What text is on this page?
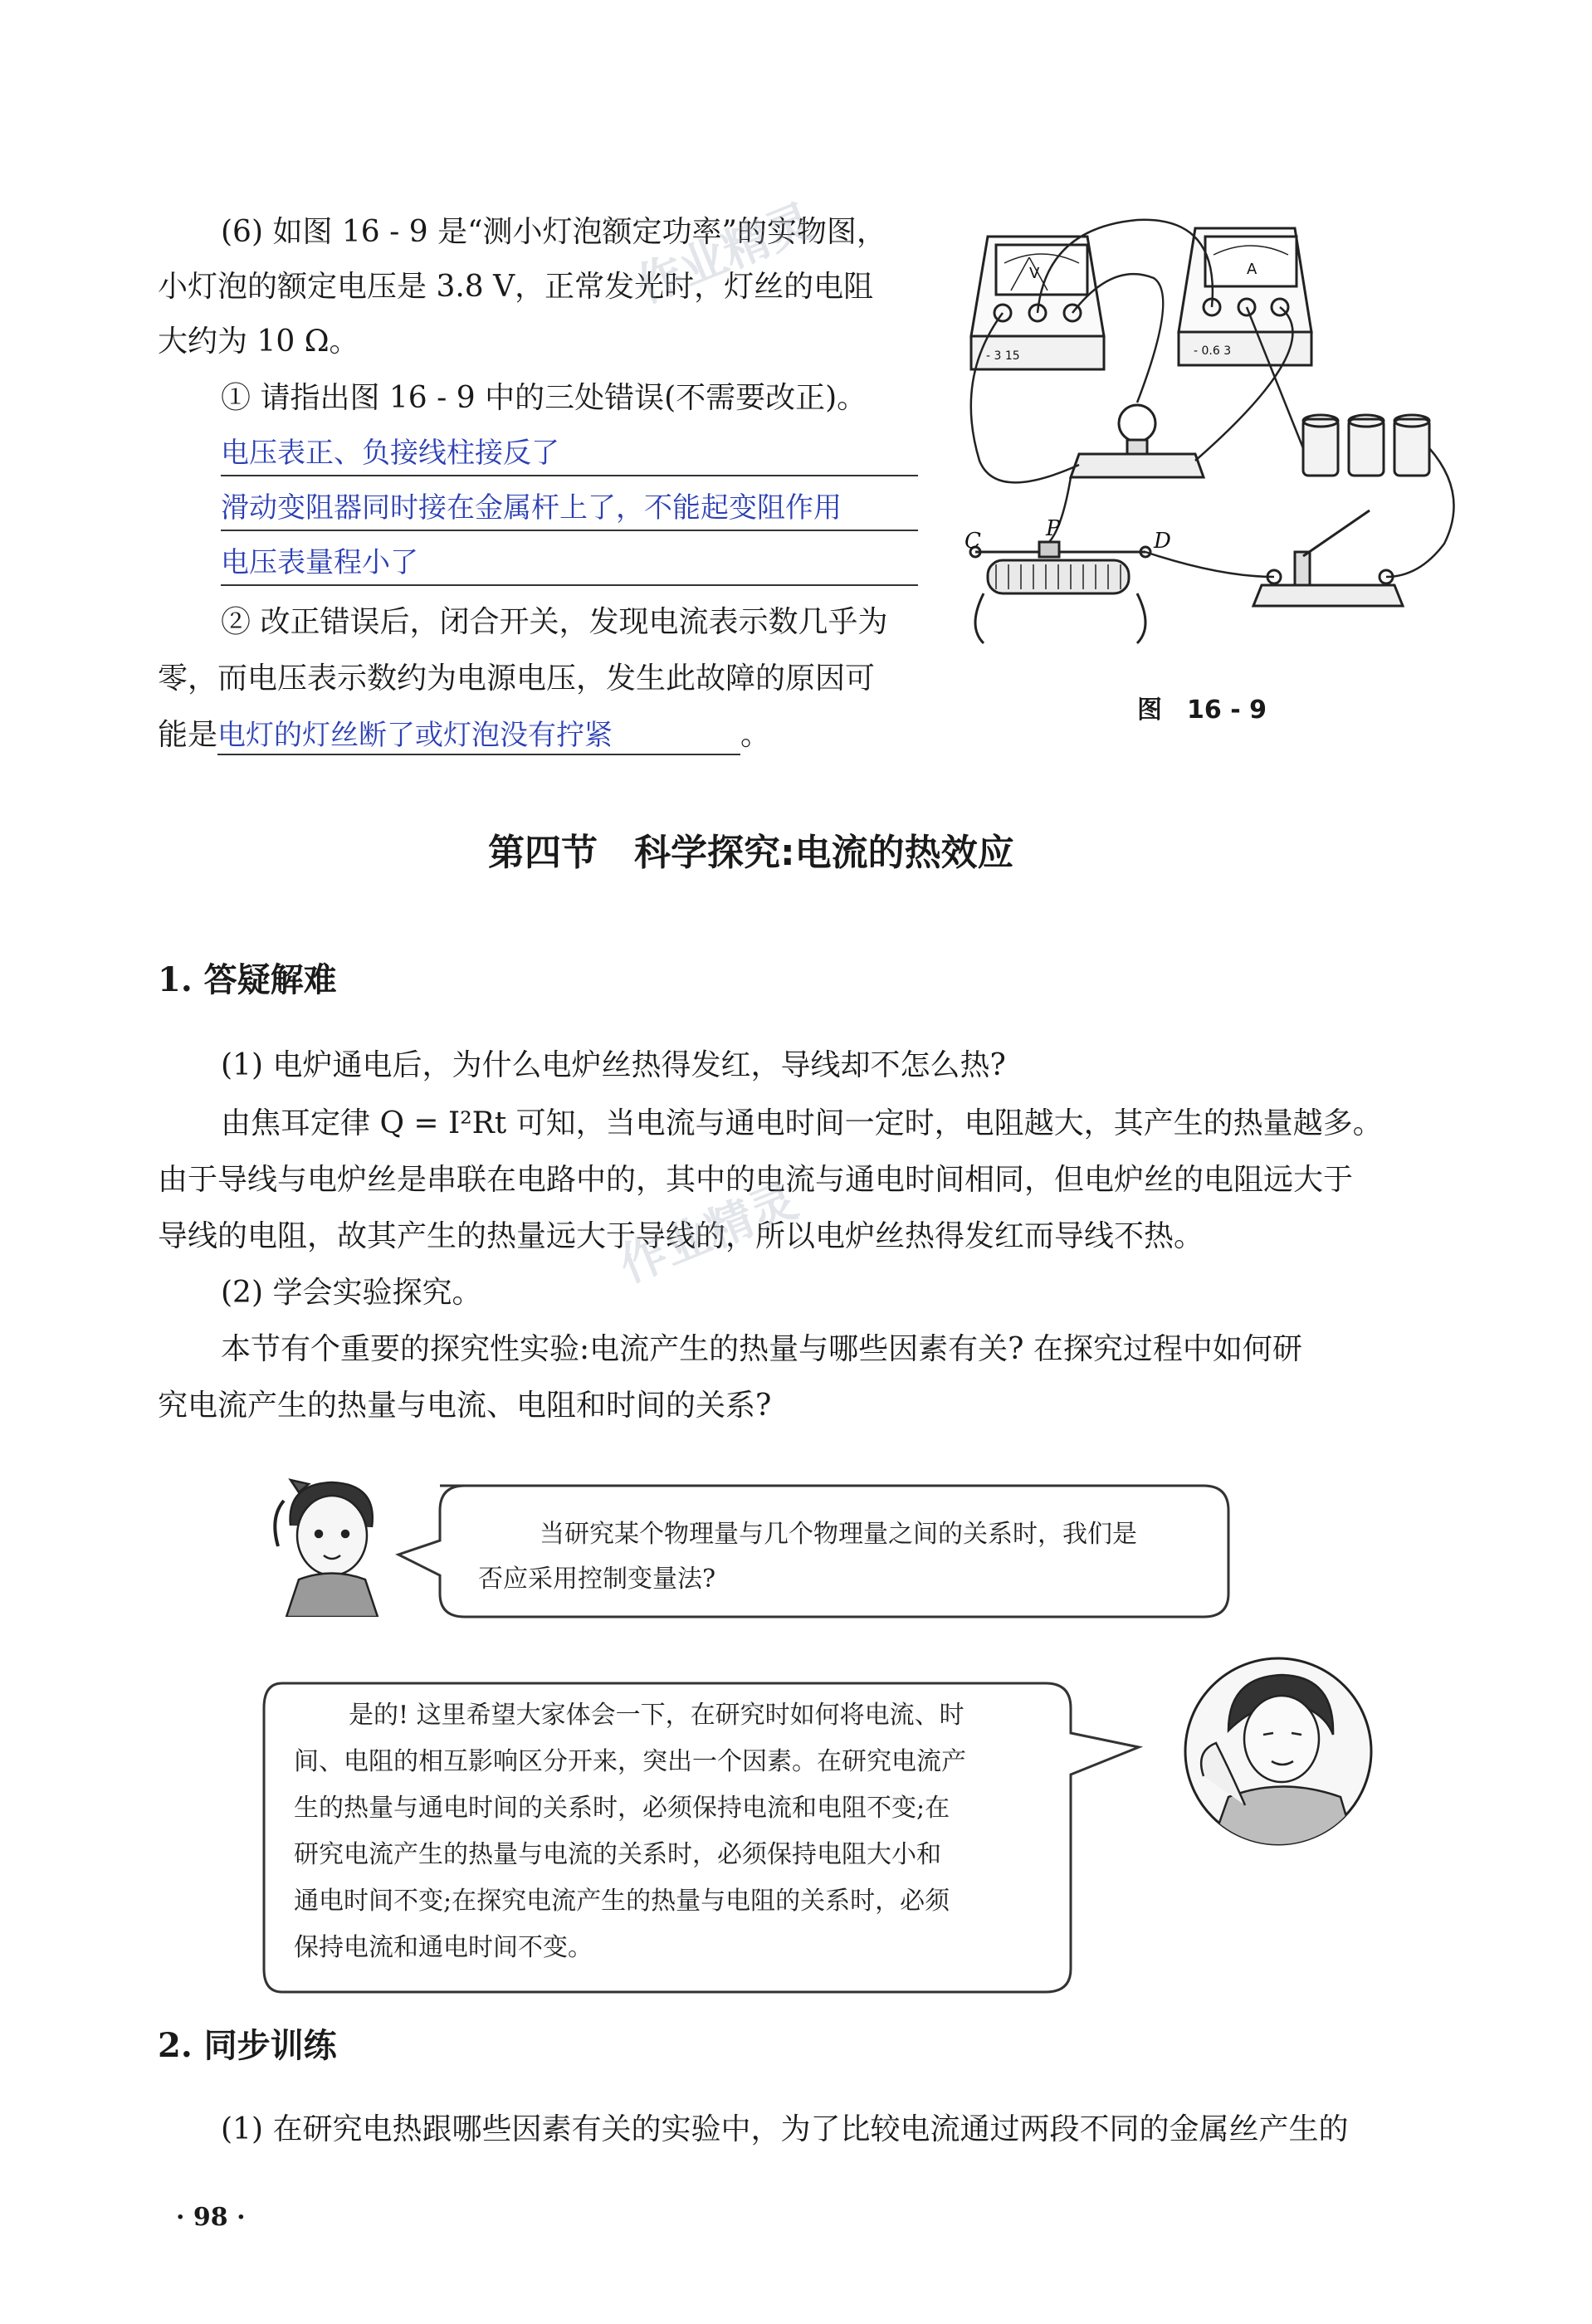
(6) 如图 16 - 9 是“测小灯泡额定功率”的实物图，
小灯泡的额定电压是 3.8 V，正常发光时，灯丝的电阻
大约为 10 Ω。
① 请指出图 16 - 9 中的三处错误(不需要改正)。
电压表正、负接线柱接反了
滑动变阻器同时接在金属杆上了，不能起变阻作用
电压表量程小了
② 改正错误后，闭合开关，发现电流表示数几乎为
零，而电压表示数约为电源电压，发生此故障的原因可
能是电灯的灯丝断了或灯泡没有拧紧	。
C	P	D
V	A
- 3 15	- 0.6 3
图　16 - 9
第四节　科学探究:电流的热效应
1. 答疑解难
(1) 电炉通电后，为什么电炉丝热得发红，导线却不怎么热?
由焦耳定律 Q = I²Rt 可知，当电流与通电时间一定时，电阻越大，其产生的热量越多。
由于导线与电炉丝是串联在电路中的，其中的电流与通电时间相同，但电炉丝的电阻远大于
导线的电阻，故其产生的热量远大于导线的，所以电炉丝热得发红而导线不热。
(2) 学会实验探究。
本节有个重要的探究性实验:电流产生的热量与哪些因素有关? 在探究过程中如何研
究电流产生的热量与电流、电阻和时间的关系?
当研究某个物理量与几个物理量之间的关系时，我们是
否应采用控制变量法?
是的! 这里希望大家体会一下，在研究时如何将电流、时
间、电阻的相互影响区分开来，突出一个因素。在研究电流产
生的热量与通电时间的关系时，必须保持电流和电阻不变;在
研究电流产生的热量与电流的关系时，必须保持电阻大小和
通电时间不变;在探究电流产生的热量与电阻的关系时，必须
保持电流和通电时间不变。
2. 同步训练
(1) 在研究电热跟哪些因素有关的实验中，为了比较电流通过两段不同的金属丝产生的
· 98 ·
作业精灵
作业精灵
